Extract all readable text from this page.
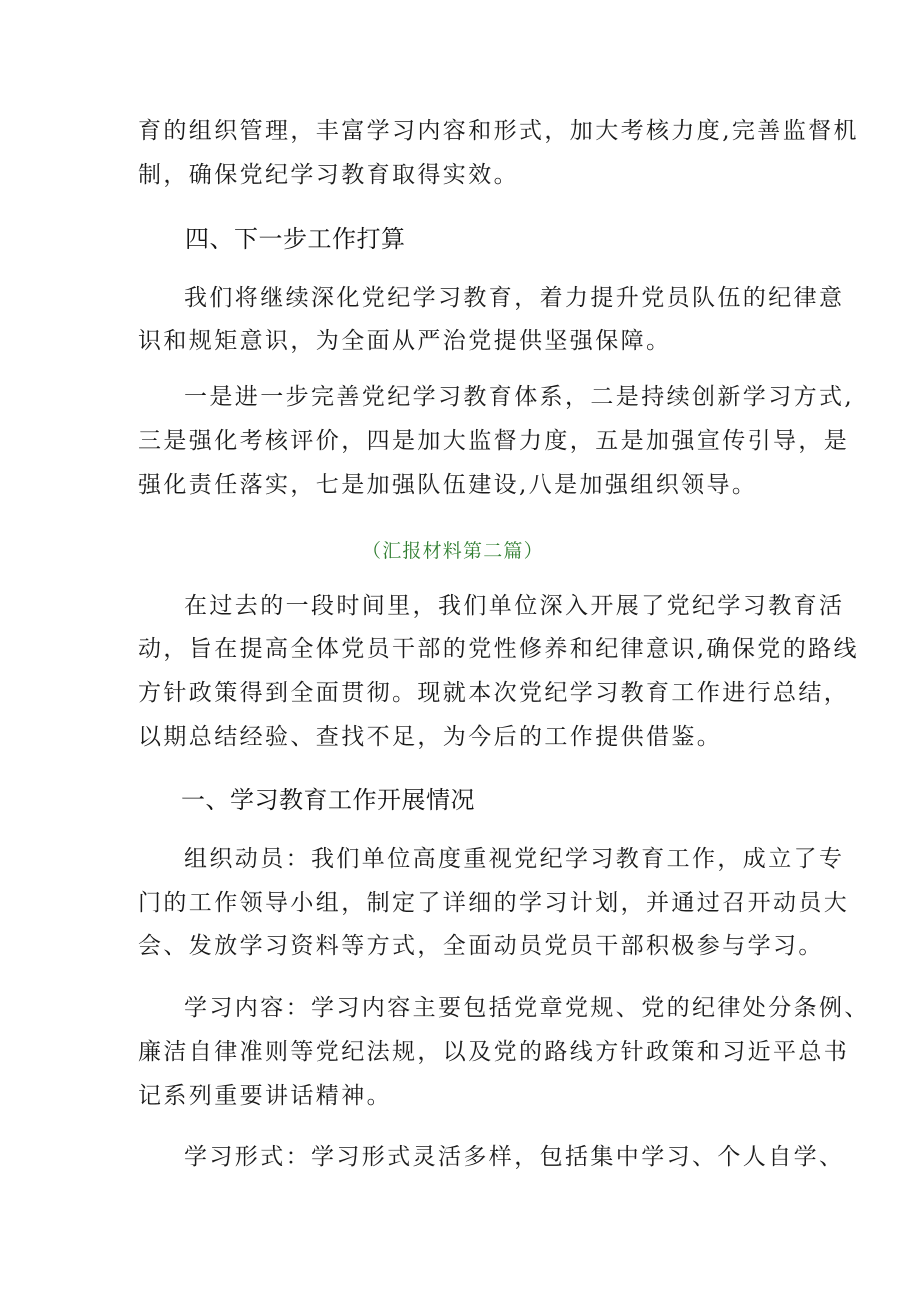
育的组织管理，丰富学习内容和形式，加大考核力度,完善监督机
制，确保党纪学习教育取得实效。
四、下一步工作打算
我们将继续深化党纪学习教育，着力提升党员队伍的纪律意
识和规矩意识，为全面从严治党提供坚强保障。
一是进一步完善党纪学习教育体系，二是持续创新学习方式,
三是强化考核评价，四是加大监督力度，五是加强宣传引导，是
强化责任落实，七是加强队伍建设,八是加强组织领导。
（汇报材料第二篇）
在过去的一段时间里，我们单位深入开展了党纪学习教育活
动，旨在提高全体党员干部的党性修养和纪律意识,确保党的路线
方针政策得到全面贯彻。现就本次党纪学习教育工作进行总结，
以期总结经验、查找不足，为今后的工作提供借鉴。
一、学习教育工作开展情况
组织动员：我们单位高度重视党纪学习教育工作，成立了专
门的工作领导小组，制定了详细的学习计划，并通过召开动员大
会、发放学习资料等方式，全面动员党员干部积极参与学习。
学习内容：学习内容主要包括党章党规、党的纪律处分条例、
廉洁自律准则等党纪法规，以及党的路线方针政策和习近平总书
记系列重要讲话精神。
学习形式：学习形式灵活多样，包括集中学习、个人自学、
